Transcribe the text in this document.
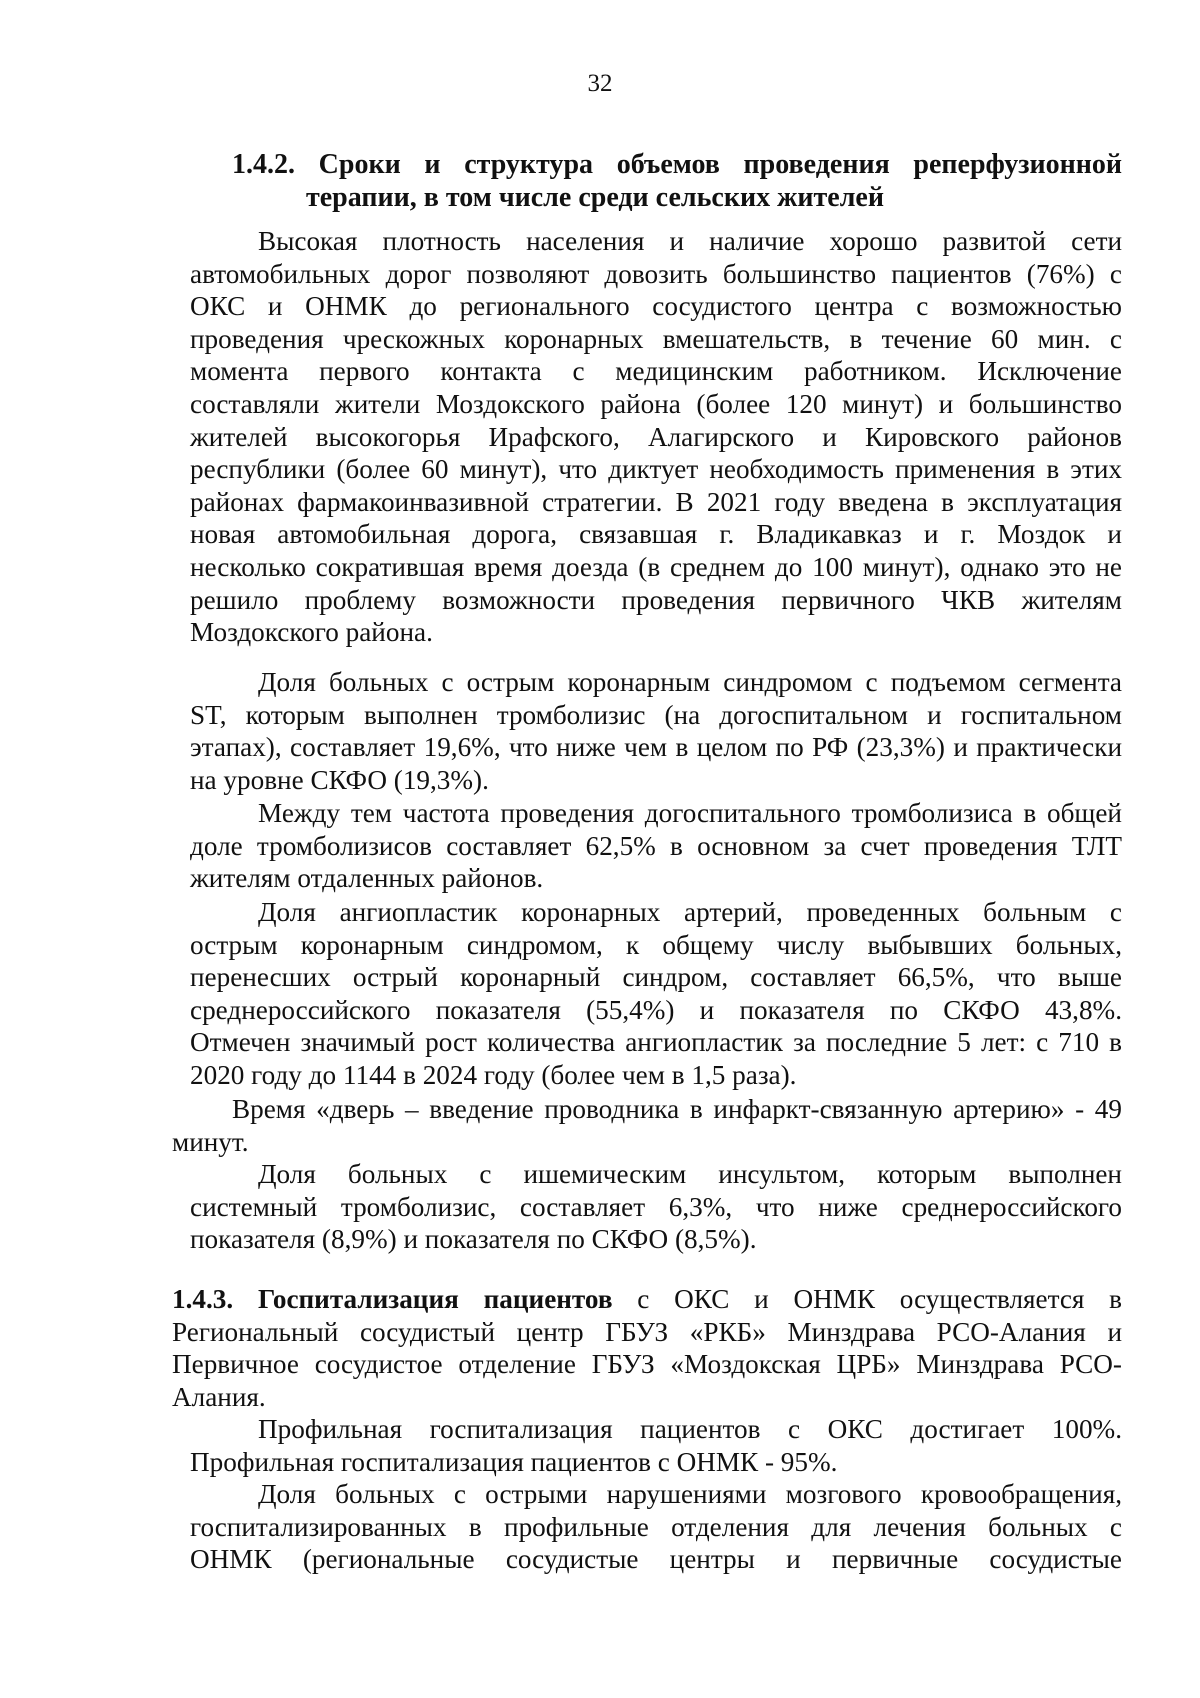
32
1.4.2. Сроки и структура объемов проведения реперфузионной
терапии, в том числе среди сельских жителей
Высокая плотность населения и наличие хорошо развитой сети
автомобильных дорог позволяют довозить большинство пациентов (76%) с
ОКС и ОНМК до регионального сосудистого центра с возможностью
проведения чрескожных коронарных вмешательств, в течение 60 мин. с
момента первого контакта с медицинским работником. Исключение
составляли жители Моздокского района (более 120 минут) и большинство
жителей высокогорья Ирафского, Алагирского и Кировского районов
республики (более 60 минут), что диктует необходимость применения в этих
районах фармакоинвазивной стратегии. В 2021 году введена в эксплуатация
новая автомобильная дорога, связавшая г. Владикавказ и г. Моздок и
несколько сократившая время доезда (в среднем до 100 минут), однако это не
решило проблему возможности проведения первичного ЧКВ жителям
Моздокского района.
Доля больных с острым коронарным синдромом с подъемом сегмента
ST, которым выполнен тромболизис (на догоспитальном и госпитальном
этапах), составляет 19,6%, что ниже чем в целом по РФ (23,3%) и практически
на уровне СКФО (19,3%).
Между тем частота проведения догоспитального тромболизиса в общей
доле тромболизисов составляет 62,5% в основном за счет проведения ТЛТ
жителям отдаленных районов.
Доля ангиопластик коронарных артерий, проведенных больным с
острым коронарным синдромом, к общему числу выбывших больных,
перенесших острый коронарный синдром, составляет 66,5%, что выше
среднероссийского показателя (55,4%) и показателя по СКФО 43,8%.
Отмечен значимый рост количества ангиопластик за последние 5 лет: с 710 в
2020 году до 1144 в 2024 году (более чем в 1,5 раза).
Время «дверь – введение проводника в инфаркт-связанную артерию» - 49
минут.
Доля больных с ишемическим инсультом, которым выполнен
системный тромболизис, составляет 6,3%, что ниже среднероссийского
показателя (8,9%) и показателя по СКФО (8,5%).
1.4.3. Госпитализация пациентов с ОКС и ОНМК осуществляется в
Региональный сосудистый центр ГБУЗ «РКБ» Минздрава РСО-Алания и
Первичное сосудистое отделение ГБУЗ «Моздокская ЦРБ» Минздрава РСО-
Алания.
Профильная госпитализация пациентов с ОКС достигает 100%.
Профильная госпитализация пациентов с ОНМК - 95%.
Доля больных с острыми нарушениями мозгового кровообращения,
госпитализированных в профильные отделения для лечения больных с
ОНМК (региональные сосудистые центры и первичные сосудистые
